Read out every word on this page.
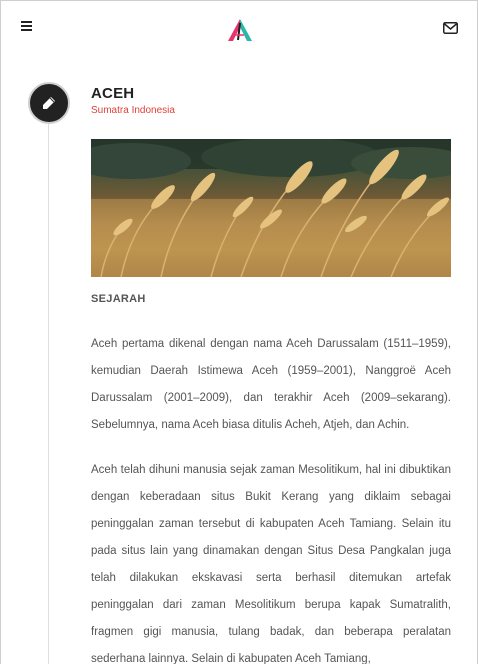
ACEH
Sumatra Indonesia
SEJARAH

Aceh pertama dikenal dengan nama Aceh Darussalam (1511–1959), kemudian Daerah Istimewa Aceh (1959–2001), Nanggroë Aceh Darussalam (2001–2009), dan terakhir Aceh (2009–sekarang). Sebelumnya, nama Aceh biasa ditulis Acheh, Atjeh, dan Achin.

Aceh telah dihuni manusia sejak zaman Mesolitikum, hal ini dibuktikan dengan keberadaan situs Bukit Kerang yang diklaim sebagai peninggalan zaman tersebut di kabupaten Aceh Tamiang. Selain itu pada situs lain yang dinamakan dengan Situs Desa Pangkalan juga telah dilakukan ekskavasi serta berhasil ditemukan artefak peninggalan dari zaman Mesolitikum berupa kapak Sumatralith, fragmen gigi manusia, tulang badak, dan beberapa peralatan sederhana lainnya. Selain di kabupaten Aceh Tamiang,
